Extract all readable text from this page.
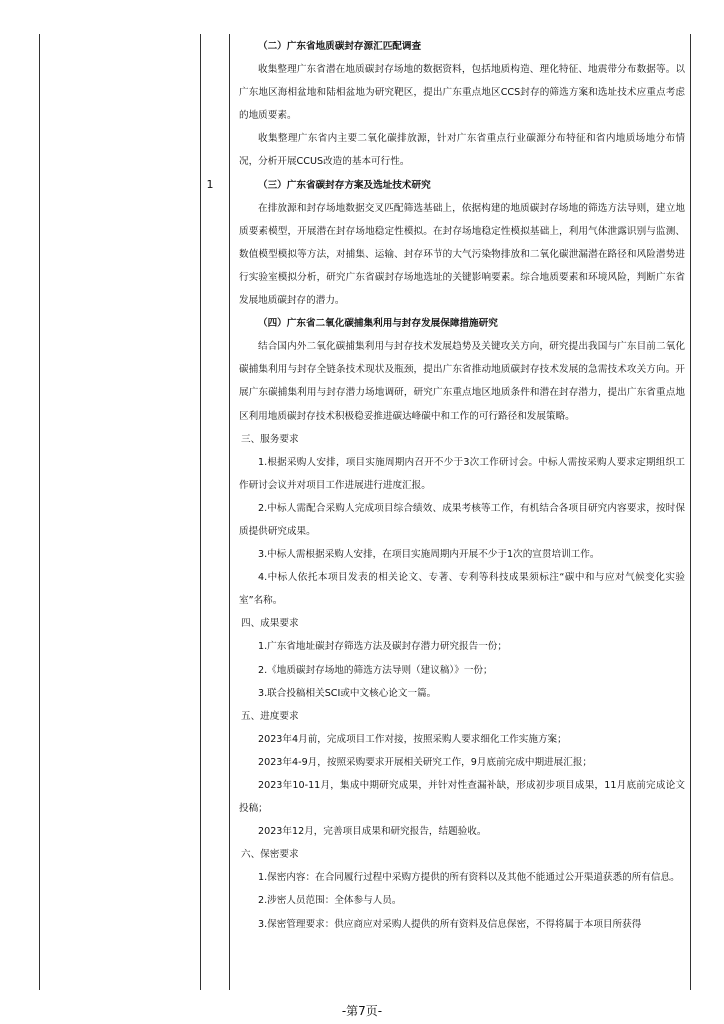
1

（二）广东省地质碳封存源汇匹配调查

收集整理广东省潜在地质碳封存场地的数据资料，包括地质构造、理化特征、地震带分布数据等。以广东地区海相盆地和陆相盆地为研究靶区，提出广东重点地区CCS封存的筛选方案和选址技术应重点考虑的地质要素。

收集整理广东省内主要二氧化碳排放源，针对广东省重点行业碳源分布特征和省内地质场地分布情况，分析开展CCUS改造的基本可行性。

（三）广东省碳封存方案及选址技术研究

在排放源和封存场地数据交叉匹配筛选基础上，依据构建的地质碳封存场地的筛选方法导则，建立地质要素模型，开展潜在封存场地稳定性模拟。在封存场地稳定性模拟基础上，利用气体泄露识别与监测、数值模型模拟等方法，对捕集、运输、封存环节的大气污染物排放和二氧化碳泄漏潜在路径和风险潜势进行实验室模拟分析，研究广东省碳封存场地选址的关键影响要素。综合地质要素和环境风险，判断广东省发展地质碳封存的潜力。

（四）广东省二氧化碳捕集利用与封存发展保障措施研究

结合国内外二氧化碳捕集利用与封存技术发展趋势及关键攻关方向，研究提出我国与广东目前二氧化碳捕集利用与封存全链条技术现状及瓶颈，提出广东省推动地质碳封存技术发展的急需技术攻关方向。开展广东碳捕集利用与封存潜力场地调研，研究广东重点地区地质条件和潜在封存潜力，提出广东省重点地区利用地质碳封存技术积极稳妥推进碳达峰碳中和工作的可行路径和发展策略。

三、服务要求

1.根据采购人安排，项目实施周期内召开不少于3次工作研讨会。中标人需按采购人要求定期组织工作研讨会议并对项目工作进展进行进度汇报。

2.中标人需配合采购人完成项目综合绩效、成果考核等工作，有机结合各项目研究内容要求，按时保质提供研究成果。

3.中标人需根据采购人安排，在项目实施周期内开展不少于1次的宣贯培训工作。

4.中标人依托本项目发表的相关论文、专著、专利等科技成果须标注“碳中和与应对气候变化实验室”名称。

四、成果要求

1.广东省地址碳封存筛选方法及碳封存潜力研究报告一份；

2.《地质碳封存场地的筛选方法导则（建议稿）》一份；

3.联合投稿相关SCI或中文核心论文一篇。

五、进度要求

2023年4月前，完成项目工作对接，按照采购人要求细化工作实施方案；

2023年4-9月，按照采购要求开展相关研究工作，9月底前完成中期进展汇报；

2023年10-11月，集成中期研究成果，并针对性查漏补缺，形成初步项目成果，11月底前完成论文投稿；

2023年12月，完善项目成果和研究报告，结题验收。

六、保密要求

1.保密内容：在合同履行过程中采购方提供的所有资料以及其他不能通过公开渠道获悉的所有信息。

2.涉密人员范围：全体参与人员。

3.保密管理要求：供应商应对采购人提供的所有资料及信息保密，不得将属于本项目所获得

-第7页-
